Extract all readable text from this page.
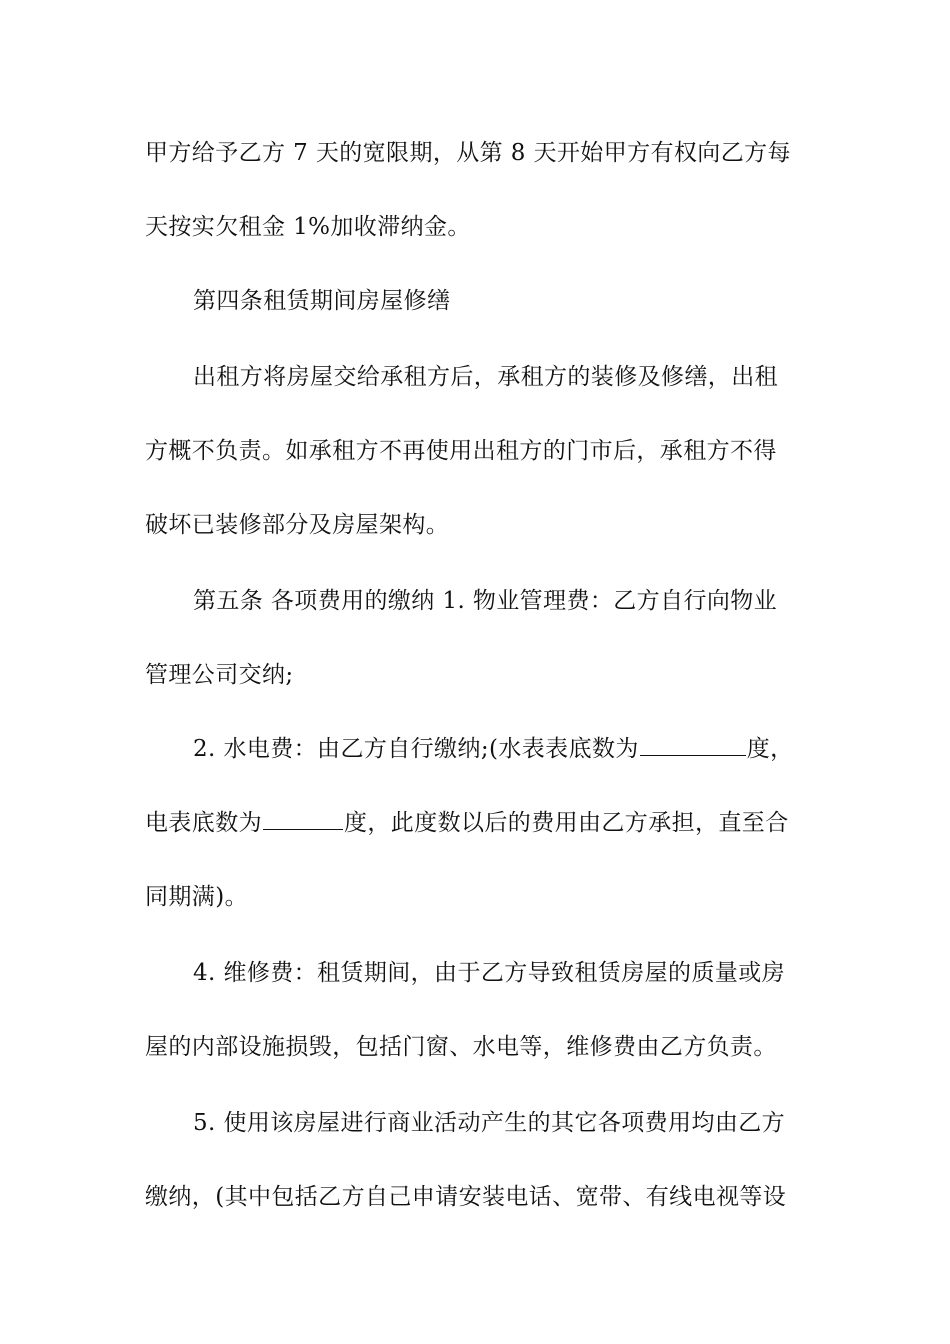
甲方给予乙方 7 天的宽限期，从第 8 天开始甲方有权向乙方每
天按实欠租金 1%加收滞纳金。
第四条租赁期间房屋修缮
出租方将房屋交给承租方后，承租方的装修及修缮，出租
方概不负责。如承租方不再使用出租方的门市后，承租方不得
破坏已装修部分及房屋架构。
第五条 各项费用的缴纳 1. 物业管理费：乙方自行向物业
管理公司交纳;
2. 水电费：由乙方自行缴纳;(水表表底数为	度，
电表底数为	度，此度数以后的费用由乙方承担，直至合
同期满)。
4. 维修费：租赁期间，由于乙方导致租赁房屋的质量或房
屋的内部设施损毁，包括门窗、水电等，维修费由乙方负责。
5. 使用该房屋进行商业活动产生的其它各项费用均由乙方
缴纳，(其中包括乙方自己申请安装电话、宽带、有线电视等设
